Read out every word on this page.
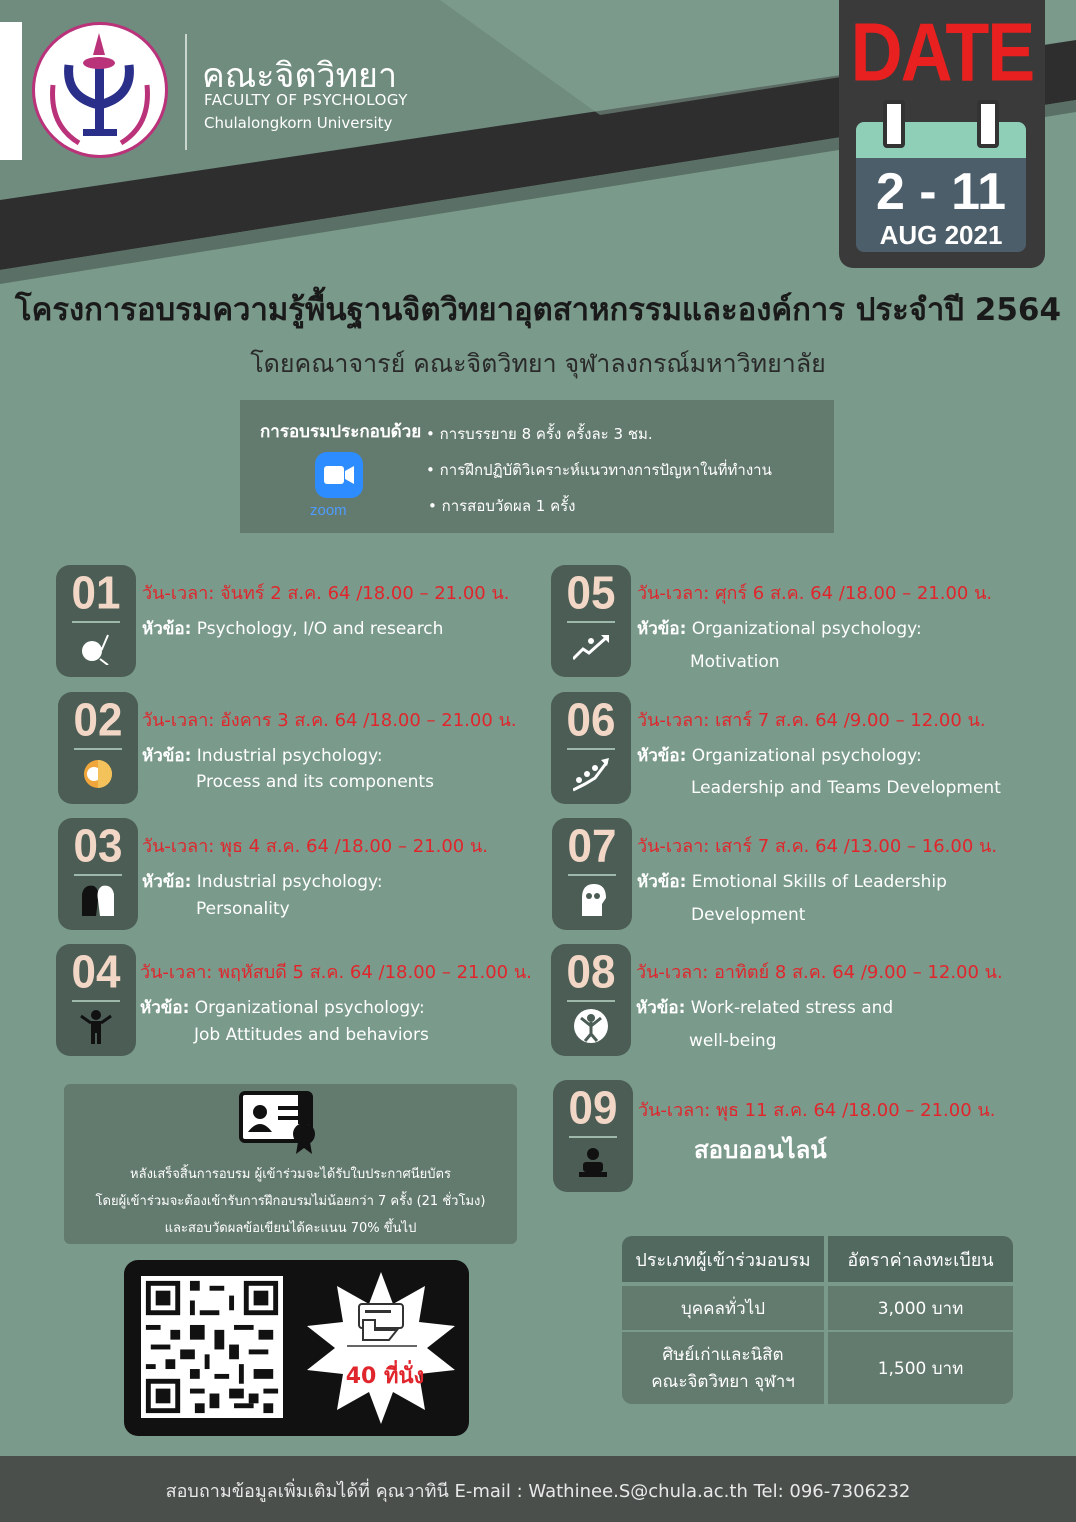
คณะจิตวิทยา
FACULTY OF PSYCHOLOGY
Chulalongkorn University
DATE
2 - 11
AUG 2021
โครงการอบรมความรู้พื้นฐานจิตวิทยาอุตสาหกรรมและองค์การ ประจำปี 2564
โดยคณาจารย์ คณะจิตวิทยา จุฬาลงกรณ์มหาวิทยาลัย
การอบรมประกอบด้วย • การบรรยาย 8 ครั้ง ครั้งละ 3 ชม.
• การฝึกปฏิบัติวิเคราะห์แนวทางการปัญหาในที่ทำงาน
• การสอบวัดผล 1 ครั้ง
zoom
01	วัน-เวลา: จันทร์ 2 ส.ค. 64 /18.00 – 21.00 น.
หัวข้อ: Psychology, I/O and research
02	วัน-เวลา: อังคาร 3 ส.ค. 64 /18.00 – 21.00 น.
หัวข้อ: Industrial psychology:
Process and its components
03	วัน-เวลา: พุธ 4 ส.ค. 64 /18.00 – 21.00 น.
หัวข้อ: Industrial psychology:
Personality
04	วัน-เวลา: พฤหัสบดี 5 ส.ค. 64 /18.00 – 21.00 น.
หัวข้อ: Organizational psychology:
Job Attitudes and behaviors
05	วัน-เวลา: ศุกร์ 6 ส.ค. 64 /18.00 – 21.00 น.
หัวข้อ: Organizational psychology:
Motivation
06	วัน-เวลา: เสาร์ 7 ส.ค. 64 /9.00 – 12.00 น.
หัวข้อ: Organizational psychology:
Leadership and Teams Development
07	วัน-เวลา: เสาร์ 7 ส.ค. 64 /13.00 – 16.00 น.
หัวข้อ: Emotional Skills of Leadership
Development
08	วัน-เวลา: อาทิตย์ 8 ส.ค. 64 /9.00 – 12.00 น.
หัวข้อ: Work-related stress and
well-being
09	วัน-เวลา: พุธ 11 ส.ค. 64 /18.00 – 21.00 น.
สอบออนไลน์
หลังเสร็จสิ้นการอบรม ผู้เข้าร่วมจะได้รับใบประกาศนียบัตร
โดยผู้เข้าร่วมจะต้องเข้ารับการฝึกอบรมไม่น้อยกว่า 7 ครั้ง (21 ชั่วโมง)
และสอบวัดผลข้อเขียนได้คะแนน 70% ขึ้นไป
40 ที่นั่ง
ประเภทผู้เข้าร่วมอบรม	อัตราค่าลงทะเบียน
บุคคลทั่วไป	3,000 บาท
ศิษย์เก่าและนิสิต
คณะจิตวิทยา จุฬาฯ
1,500 บาท
สอบถามข้อมูลเพิ่มเติมได้ที่ คุณวาทินี E-mail : Wathinee.S@chula.ac.th Tel: 096-7306232
